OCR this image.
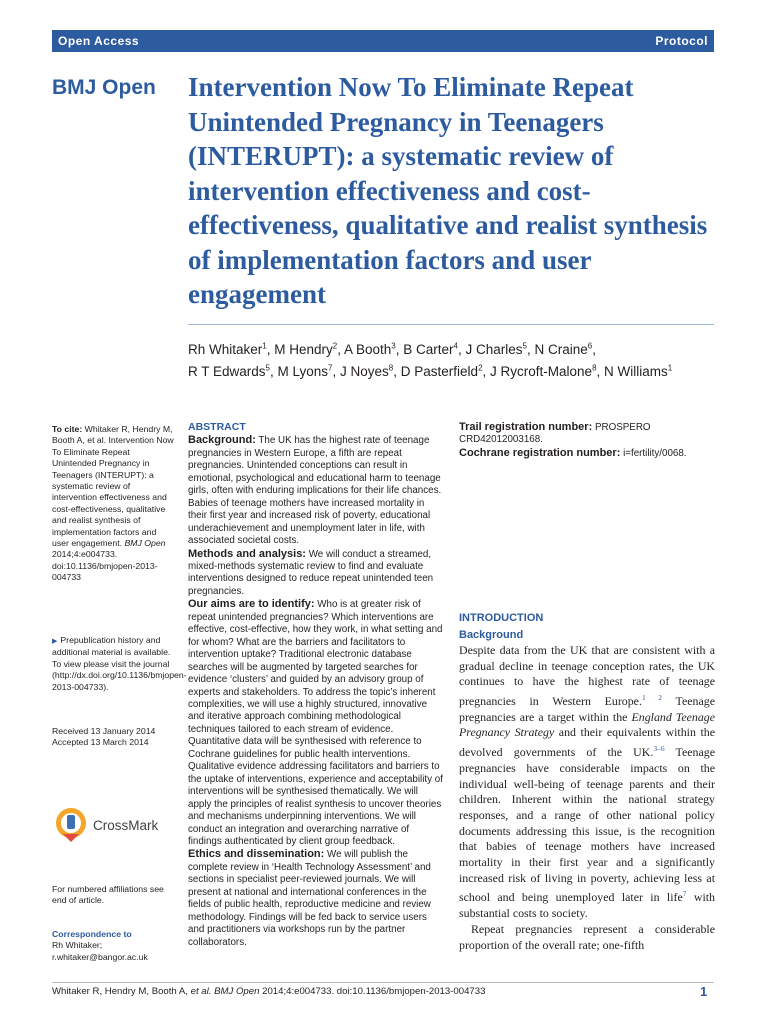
Open Access	Protocol
BMJ Open Intervention Now To Eliminate Repeat Unintended Pregnancy in Teenagers (INTERUPT): a systematic review of intervention effectiveness and cost-effectiveness, qualitative and realist synthesis of implementation factors and user engagement
Rh Whitaker$^1$, M Hendry$^2$, A Booth$^3$, B Carter$^4$, J Charles$^5$, N Craine$^6$,
R T Edwards$^5$, M Lyons$^7$, J Noyes$^8$, D Pasterfield$^2$, J Rycroft-Malone$^8$, N Williams$^1$
To cite: Whitaker R, Hendry M, Booth A, et al. Intervention Now To Eliminate Repeat Unintended Pregnancy in Teenagers (INTERUPT): a systematic review of intervention effectiveness and cost-effectiveness, qualitative and realist synthesis of implementation factors and user engagement. BMJ Open 2014;4:e004733. doi:10.1136/bmjopen-2013-004733
▶ Prepublication history and additional material is available. To view please visit the journal (http://dx.doi.org/10.1136/bmjopen-2013-004733).
Received 13 January 2014
Accepted 13 March 2014
CrossMark
For numbered affiliations see end of article.
Correspondence to
Rh Whitaker;
r.whitaker@bangor.ac.uk

ABSTRACT

Background: The UK has the highest rate of teenage pregnancies in Western Europe, a fifth are repeat pregnancies. Unintended conceptions can result in emotional, psychological and educational harm to teenage girls, often with enduring implications for their life chances. Babies of teenage mothers have increased mortality in their first year and increased risk of poverty, educational underachievement and unemployment later in life, with associated societal costs.

Methods and analysis: We will conduct a streamed, mixed-methods systematic review to find and evaluate interventions designed to reduce repeat unintended teen pregnancies.

Our aims are to identify: Who is at greater risk of repeat unintended pregnancies? Which interventions are effective, cost-effective, how they work, in what setting and for whom? What are the barriers and facilitators to intervention uptake? Traditional electronic database searches will be augmented by targeted searches for evidence ‘clusters’ and guided by an advisory group of experts and stakeholders. To address the topic’s inherent complexities, we will use a highly structured, innovative and iterative approach combining methodological techniques tailored to each stream of evidence. Quantitative data will be synthesised with reference to Cochrane guidelines for public health interventions. Qualitative evidence addressing facilitators and barriers to the uptake of interventions, experience and acceptability of interventions will be synthesised thematically. We will apply the principles of realist synthesis to uncover theories and mechanisms underpinning interventions. We will conduct an integration and overarching narrative of findings authenticated by client group feedback.

Ethics and dissemination: We will publish the complete review in ‘Health Technology Assessment’ and sections in specialist peer-reviewed journals. We will present at national and international conferences in the fields of public health, reproductive medicine and review methodology. Findings will be fed back to service users and practitioners via workshops run by the partner collaborators.

Trail registration number: PROSPERO CRD42012003168.

Cochrane registration number: i=fertility/0068.

INTRODUCTION
Background

Despite data from the UK that are consistent with a gradual decline in teenage conception rates, the UK continues to have the highest rate of teenage pregnancies in Western Europe.$^{1 2}$ Teenage pregnancies are a target within the England Teenage Pregnancy Strategy and their equivalents within the devolved governments of the UK.$^{3-6}$ Teenage pregnancies have considerable impacts on the individual well-being of teenage parents and their children. Inherent within the national strategy responses, and a range of other national policy documents addressing this issue, is the recognition that babies of teenage mothers have increased mortality in their first year and a significantly increased risk of living in poverty, achieving less at school and being unemployed later in life$^7$ with substantial costs to society.

Repeat pregnancies represent a considerable proportion of the overall rate; one-fifth

Whitaker R, Hendry M, Booth A, et al. BMJ Open 2014;4:e004733. doi:10.1136/bmjopen-2013-004733	1
